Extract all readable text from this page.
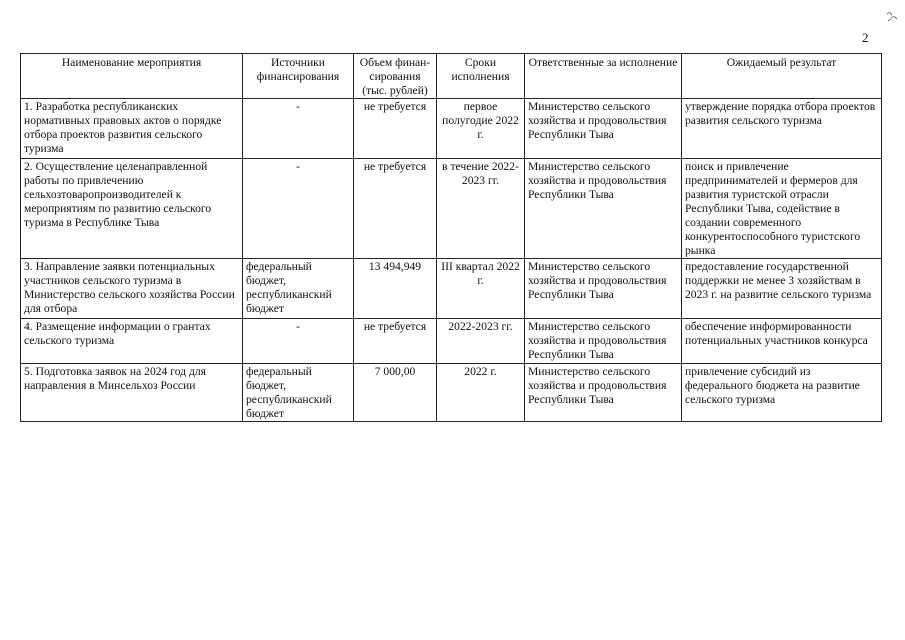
2
Наименование мероприятия	Источники финансирования	Объем финан-сирования (тыс. рублей)	Сроки исполнения	Ответственные за исполнение	Ожидаемый результат
1. Разработка республиканских нормативных правовых актов о порядке отбора проектов развития сельского туризма	-	не требуется	первое полугодие 2022 г.	Министерство сельского хозяйства и продовольствия Республики Тыва	утверждение порядка отбора проектов развития сельского туризма
2. Осуществление целенаправленной работы по привлечению сельхозтоваропроизводителей к мероприятиям по развитию сельского туризма в Республике Тыва	-	не требуется	в течение 2022-2023 гг.	Министерство сельского хозяйства и продовольствия Республики Тыва	поиск и привлечение предпринимателей и фермеров для развития туристской отрасли Республики Тыва, содействие в создании современного конкурентоспособного туристского рынка
3. Направление заявки потенциальных участников сельского туризма в Министерство сельского хозяйства России для отбора	федеральный бюджет, республиканский бюджет	13 494,949	III квартал 2022 г.	Министерство сельского хозяйства и продовольствия Республики Тыва	предоставление государственной поддержки не менее 3 хозяйствам в 2023 г. на развитие сельского туризма
4. Размещение информации о грантах сельского туризма	-	не требуется	2022-2023 гг.	Министерство сельского хозяйства и продовольствия Республики Тыва	обеспечение информированности потенциальных участников конкурса
5. Подготовка заявок на 2024 год для направления в Минсельхоз России	федеральный бюджет, республиканский бюджет	7 000,00	2022 г.	Министерство сельского хозяйства и продовольствия Республики Тыва	привлечение субсидий из федерального бюджета на развитие сельского туризма
